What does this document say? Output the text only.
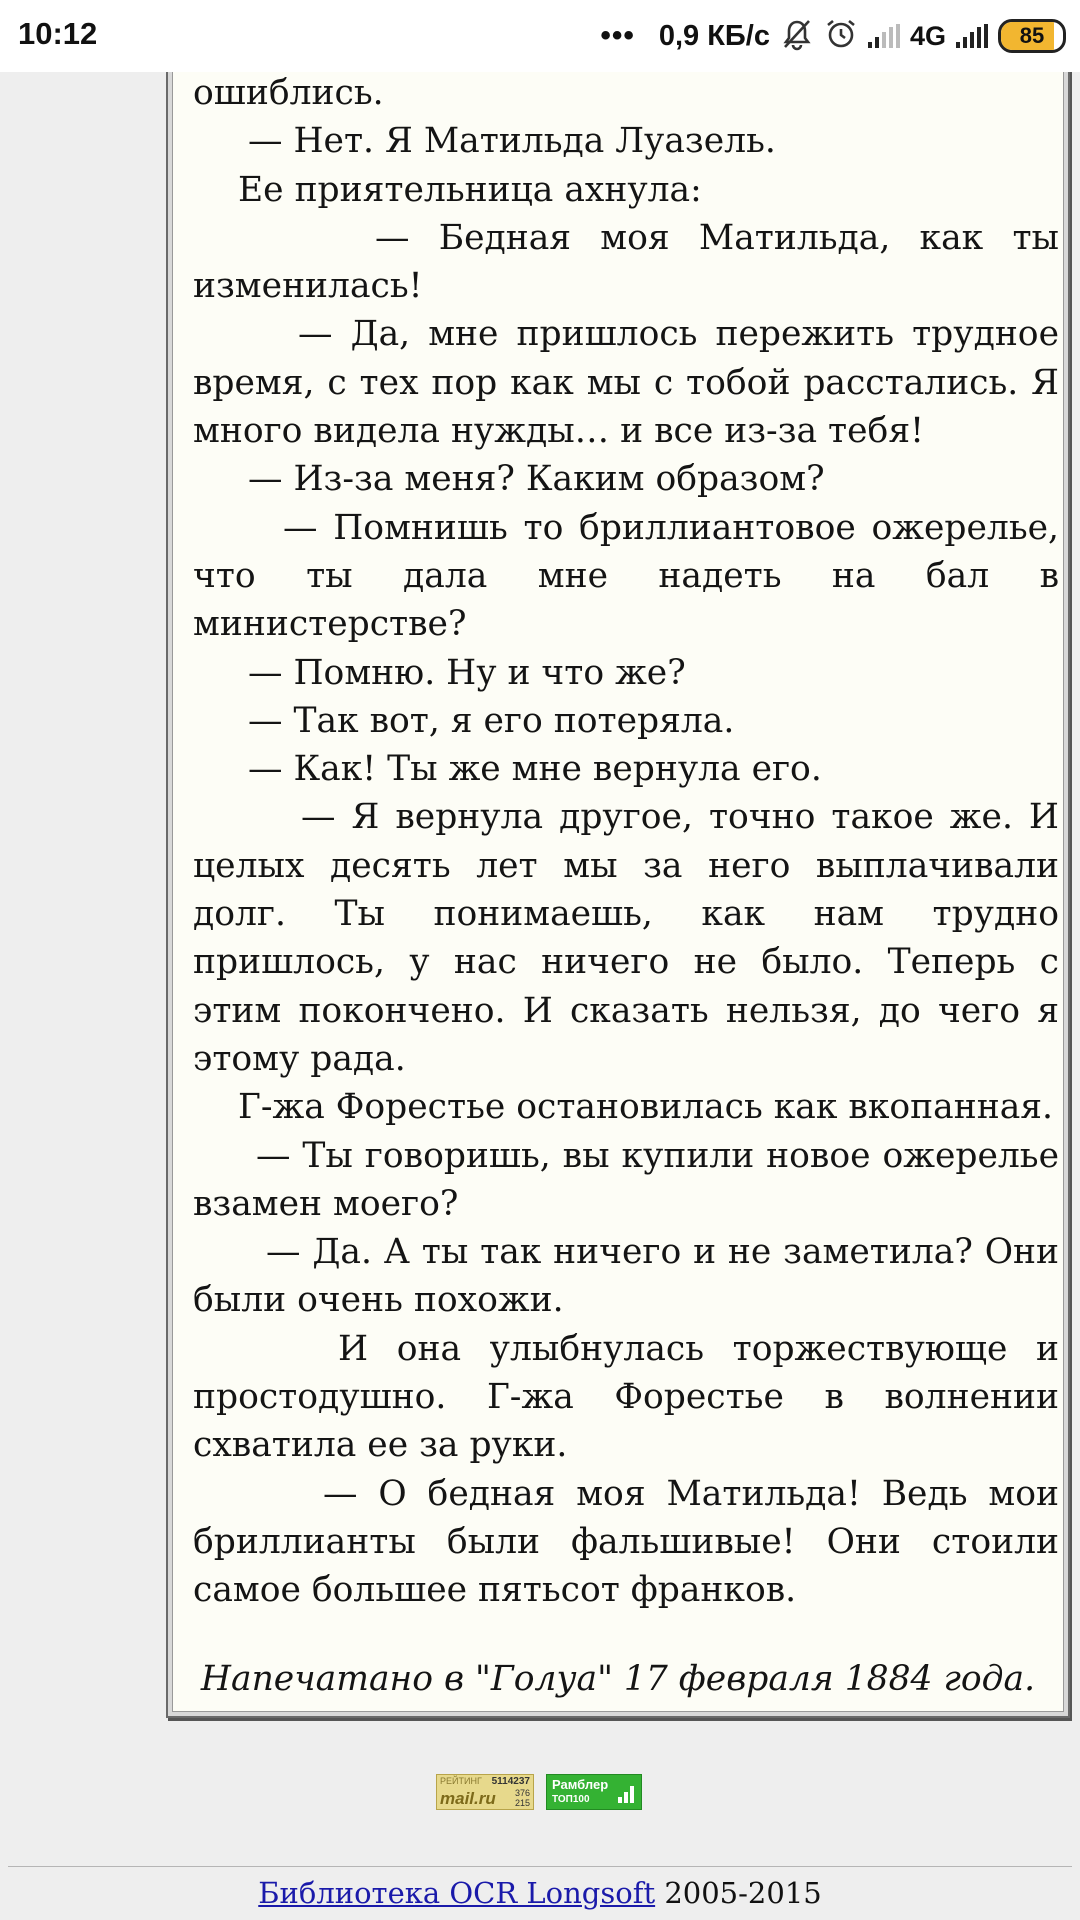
10:12	••• 0,9 КБ/с	4G	85

ошиблись.

— Нет. Я Матильда Луазель.

Ее приятельница ахнула:

— Бедная моя Матильда, как ты изменилась!

— Да, мне пришлось пережить трудное время, с тех пор как мы с тобой расстались. Я много видела нужды… и все из-за тебя!

— Из-за меня? Каким образом?

— Помнишь то бриллиантовое ожерелье, что ты дала мне надеть на бал в министерстве?

— Помню. Ну и что же?

— Так вот, я его потеряла.

— Как! Ты же мне вернула его.

— Я вернула другое, точно такое же. И целых десять лет мы за него выплачивали долг. Ты понимаешь, как нам трудно пришлось, у нас ничего не было. Теперь с этим покончено. И сказать нельзя, до чего я этому рада.

Г-жа Форестье остановилась как вкопанная.

— Ты говоришь, вы купили новое ожерелье взамен моего?

— Да. А ты так ничего и не заметила? Они были очень похожи.

И она улыбнулась торжествующе и простодушно. Г-жа Форестье в волнении схватила ее за руки.

— О бедная моя Матильда! Ведь мои бриллианты были фальшивые! Они стоили самое большее пятьсот франков.

Напечатано в "Голуа" 17 февраля 1884 года.
РЕЙТИНГ
mail.ru
5114237
376
215
Рамблер
ТОП100
Библиотека OCR Longsoft 2005-2015
